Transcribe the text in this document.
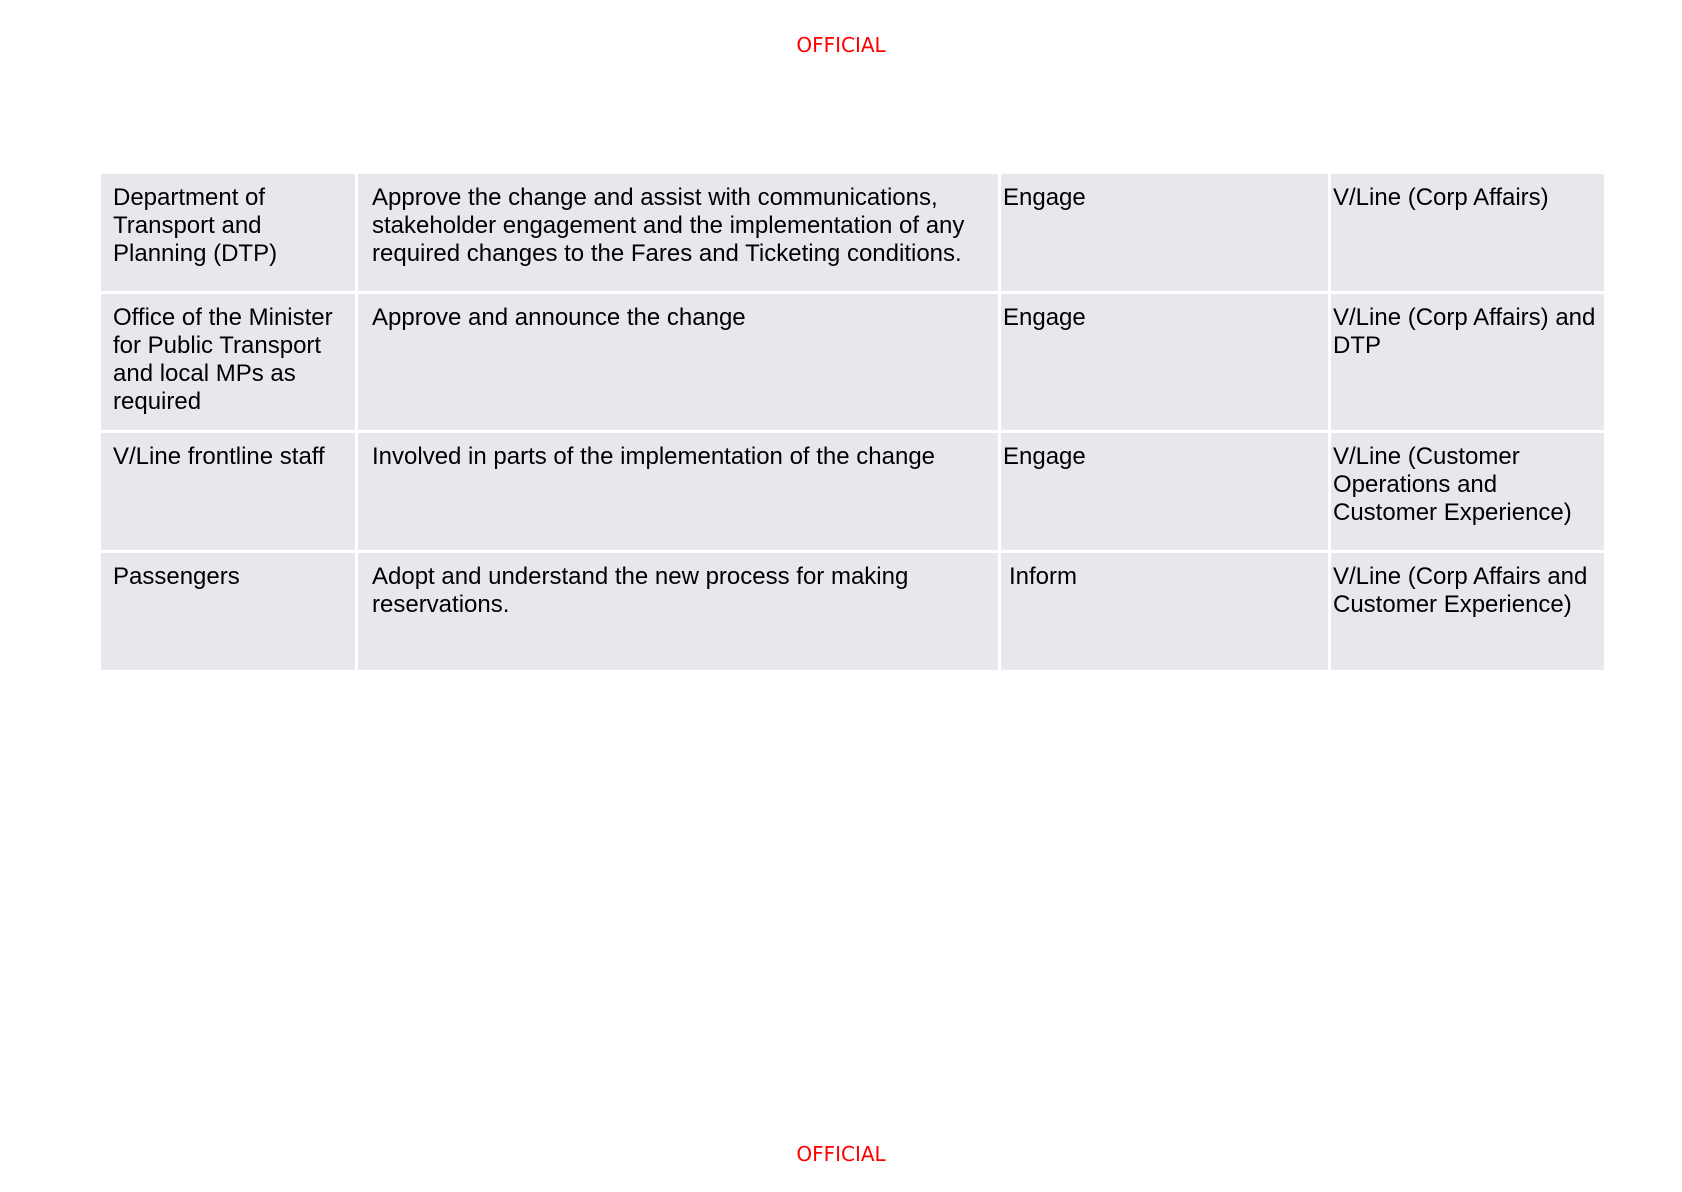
OFFICIAL
Department of Transport and Planning (DTP)	Approve the change and assist with communications, stakeholder engagement and the implementation of any required changes to the Fares and Ticketing conditions.	Engage	V/Line (Corp Affairs)
Office of the Minister for Public Transport and local MPs as required	Approve and announce the change	Engage	V/Line (Corp Affairs) and DTP
V/Line frontline staff	Involved in parts of the implementation of the change	Engage	V/Line (Customer Operations and Customer Experience)
Passengers	Adopt and understand the new process for making reservations.	Inform	V/Line (Corp Affairs and Customer Experience)
OFFICIAL
